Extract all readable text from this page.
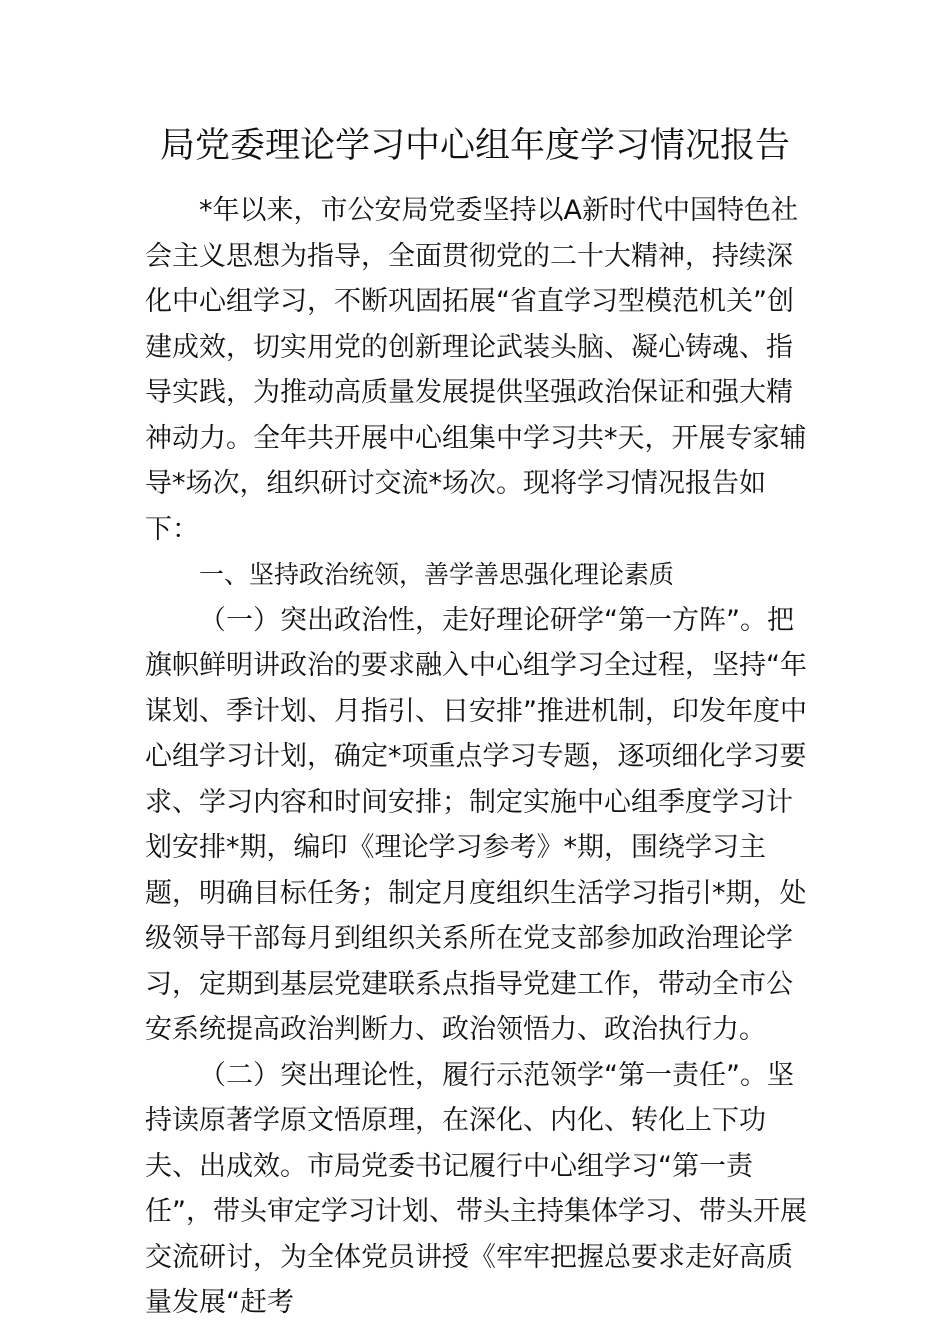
局党委理论学习中心组年度学习情况报告

*年以来，市公安局党委坚持以A新时代中国特色社会主义思想为指导，全面贯彻党的二十大精神，持续深化中心组学习，不断巩固拓展“省直学习型模范机关”创建成效，切实用党的创新理论武装头脑、凝心铸魂、指导实践，为推动高质量发展提供坚强政治保证和强大精神动力。全年共开展中心组集中学习共*天，开展专家辅导*场次，组织研讨交流*场次。现将学习情况报告如下：

一、坚持政治统领，善学善思强化理论素质

（一）突出政治性，走好理论研学“第一方阵”。把旗帜鲜明讲政治的要求融入中心组学习全过程，坚持“年谋划、季计划、月指引、日安排”推进机制，印发年度中心组学习计划，确定*项重点学习专题，逐项细化学习要求、学习内容和时间安排；制定实施中心组季度学习计划安排*期，编印《理论学习参考》*期，围绕学习主题，明确目标任务；制定月度组织生活学习指引*期，处级领导干部每月到组织关系所在党支部参加政治理论学习，定期到基层党建联系点指导党建工作，带动全市公安系统提高政治判断力、政治领悟力、政治执行力。

（二）突出理论性，履行示范领学“第一责任”。坚持读原著学原文悟原理，在深化、内化、转化上下功夫、出成效。市局党委书记履行中心组学习“第一责任”，带头审定学习计划、带头主持集体学习、带头开展交流研讨，为全体党员讲授《牢牢把握总要求走好高质量发展“赶考
